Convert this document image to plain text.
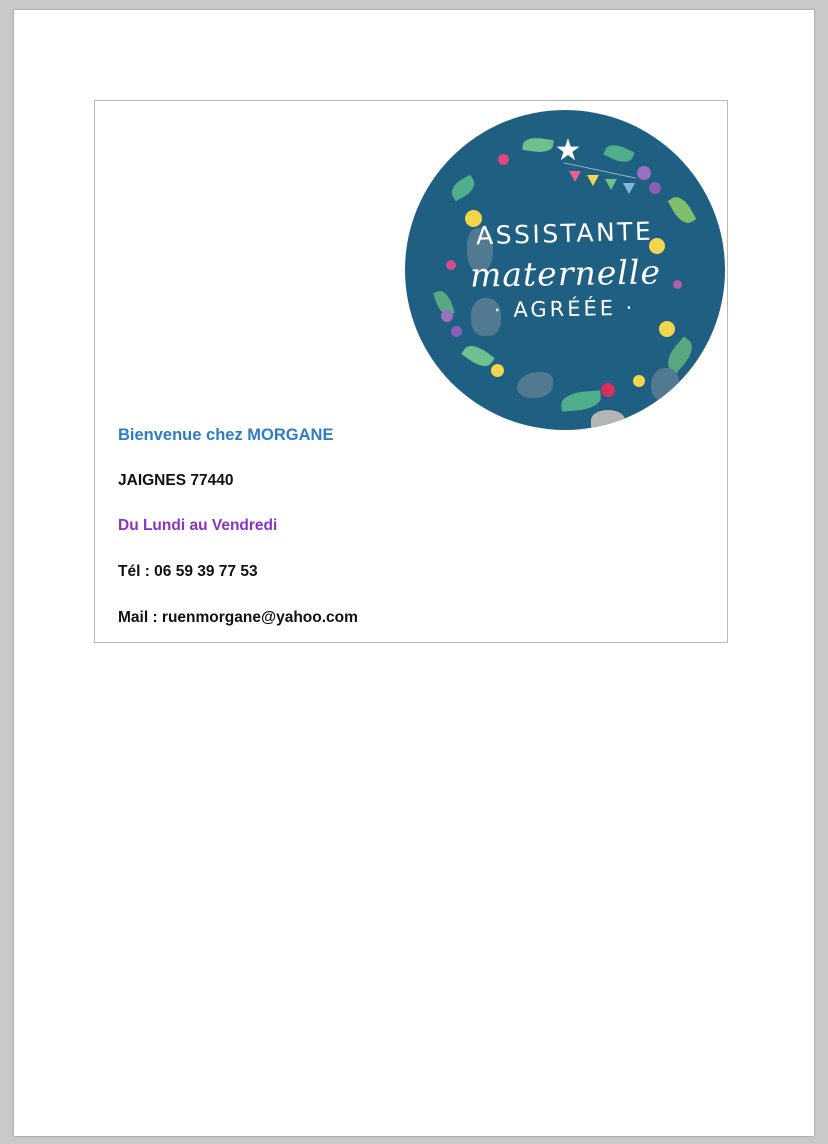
★
ASSISTANTE
maternelle
· AGRÉÉE ·

Bienvenue chez MORGANE

JAIGNES 77440

Du Lundi au Vendredi

Tél : 06 59 39 77 53

Mail : ruenmorgane@yahoo.com
